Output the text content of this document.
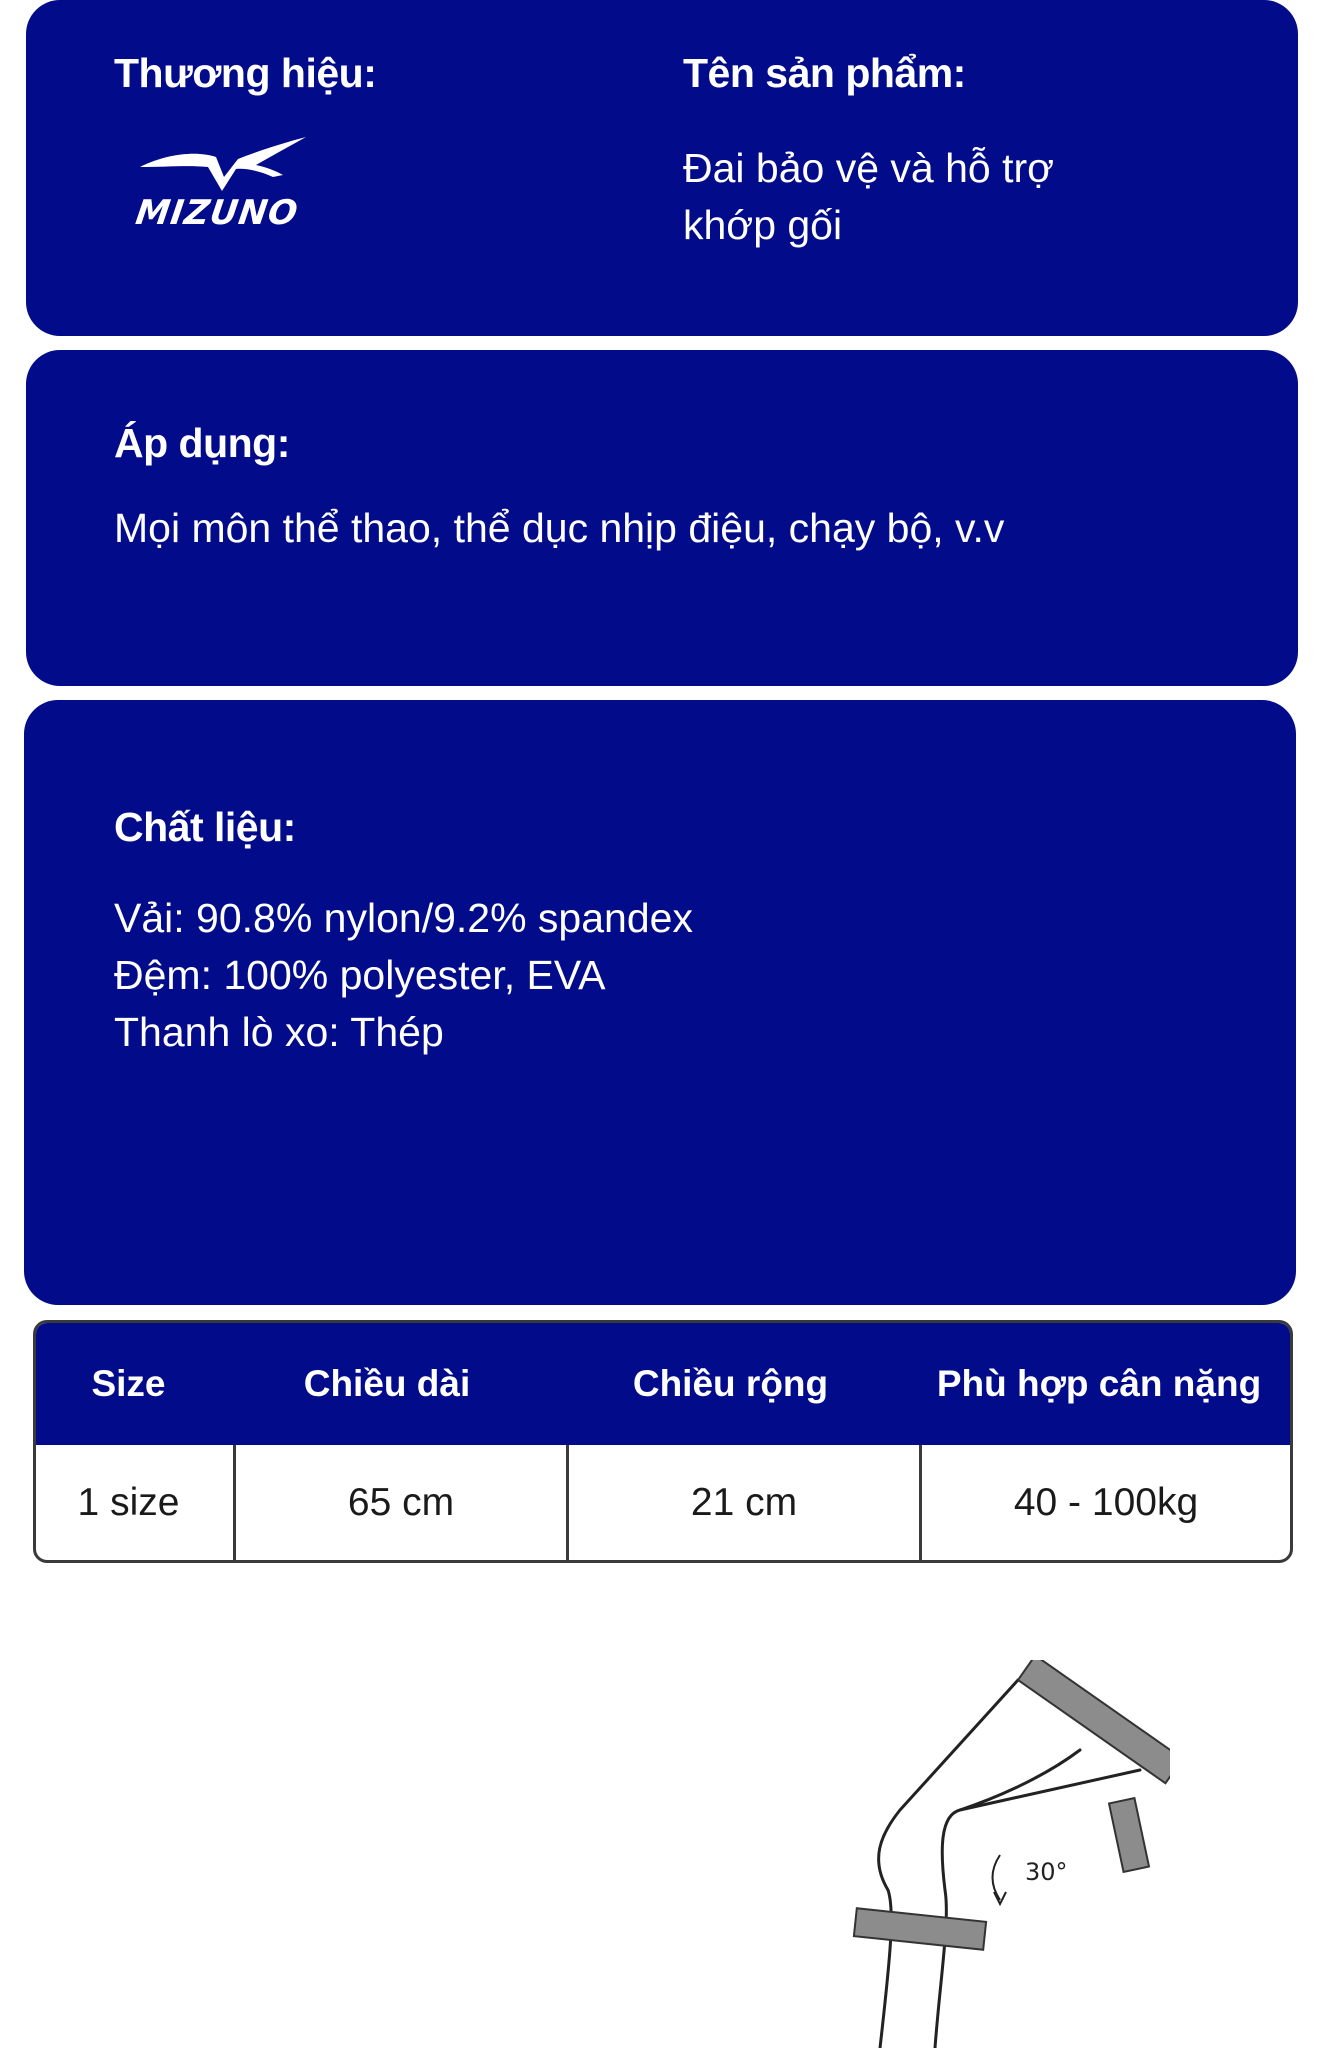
Thương hiệu:
MIZUNO
Tên sản phẩm:
Đai bảo vệ và hỗ trợ
khớp gối
Áp dụng:
Mọi môn thể thao, thể dục nhịp điệu, chạy bộ, v.v
Chất liệu:
Vải: 90.8% nylon/9.2% spandex
Đệm: 100% polyester, EVA
Thanh lò xo: Thép
Size	Chiều dài	Chiều rộng	Phù hợp cân nặng
1 size	65 cm	21 cm	40 - 100kg
30°
